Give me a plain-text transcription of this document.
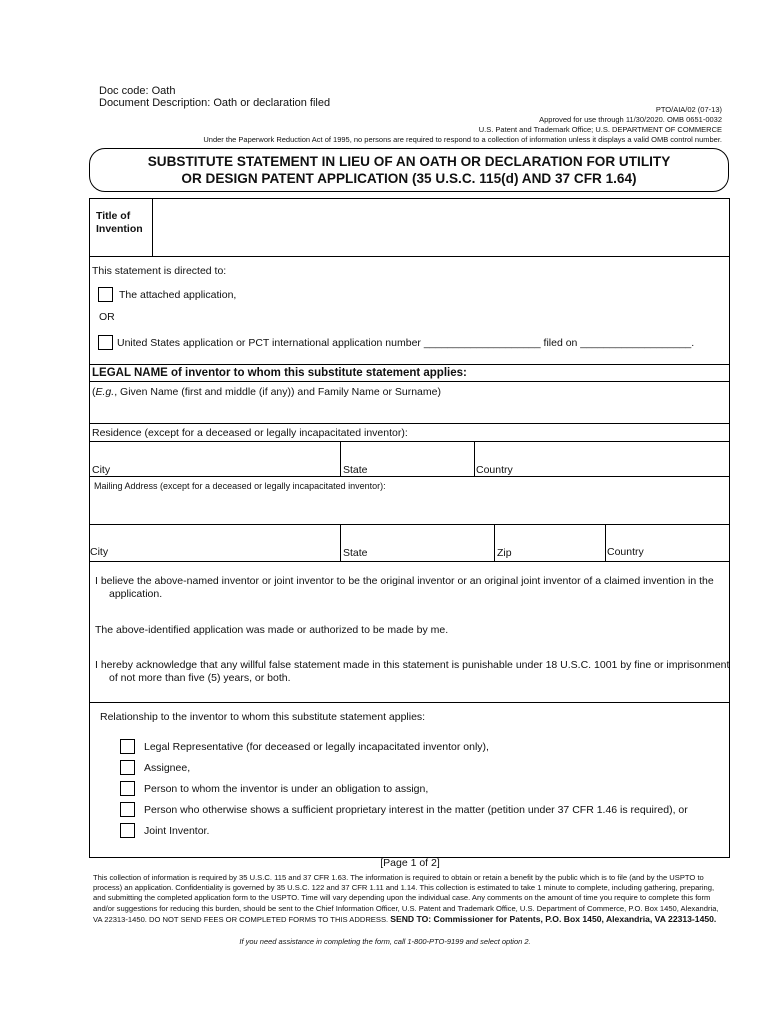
Doc code: Oath
Document Description: Oath or declaration filed
PTO/AIA/02 (07-13)
Approved for use through 11/30/2020. OMB 0651-0032
U.S. Patent and Trademark Office; U.S. DEPARTMENT OF COMMERCE
Under the Paperwork Reduction Act of 1995, no persons are required to respond to a collection of information unless it displays a valid OMB control number.
SUBSTITUTE STATEMENT IN LIEU OF AN OATH OR DECLARATION FOR UTILITY
OR DESIGN PATENT APPLICATION (35 U.S.C. 115(d) AND 37 CFR 1.64)
Title of
Invention
This statement is directed to:
The attached application,
OR
United States application or PCT international application number ____________________ filed on ___________________.
LEGAL NAME of inventor to whom this substitute statement applies:
(E.g., Given Name (first and middle (if any)) and Family Name or Surname)
Residence (except for a deceased or legally incapacitated inventor):
City	State	Country
Mailing Address (except for a deceased or legally incapacitated inventor):
City	State	Zip	Country
I believe the above-named inventor or joint inventor to be the original inventor or an original joint inventor of a claimed invention in the application.
The above-identified application was made or authorized to be made by me.
I hereby acknowledge that any willful false statement made in this statement is punishable under 18 U.S.C. 1001 by fine or imprisonment of not more than five (5) years, or both.
Relationship to the inventor to whom this substitute statement applies:
Legal Representative (for deceased or legally incapacitated inventor only),
Assignee,
Person to whom the inventor is under an obligation to assign,
Person who otherwise shows a sufficient proprietary interest in the matter (petition under 37 CFR 1.46 is required), or
Joint Inventor.
[Page 1 of 2]
This collection of information is required by 35 U.S.C. 115 and 37 CFR 1.63. The information is required to obtain or retain a benefit by the public which is to file (and by the USPTO to process) an application. Confidentiality is governed by 35 U.S.C. 122 and 37 CFR 1.11 and 1.14. This collection is estimated to take 1 minute to complete, including gathering, preparing, and submitting the completed application form to the USPTO. Time will vary depending upon the individual case. Any comments on the amount of time you require to complete this form and/or suggestions for reducing this burden, should be sent to the Chief Information Officer, U.S. Patent and Trademark Office, U.S. Department of Commerce, P.O. Box 1450, Alexandria, VA 22313-1450. DO NOT SEND FEES OR COMPLETED FORMS TO THIS ADDRESS. SEND TO: Commissioner for Patents, P.O. Box 1450, Alexandria, VA 22313-1450.
If you need assistance in completing the form, call 1-800-PTO-9199 and select option 2.
